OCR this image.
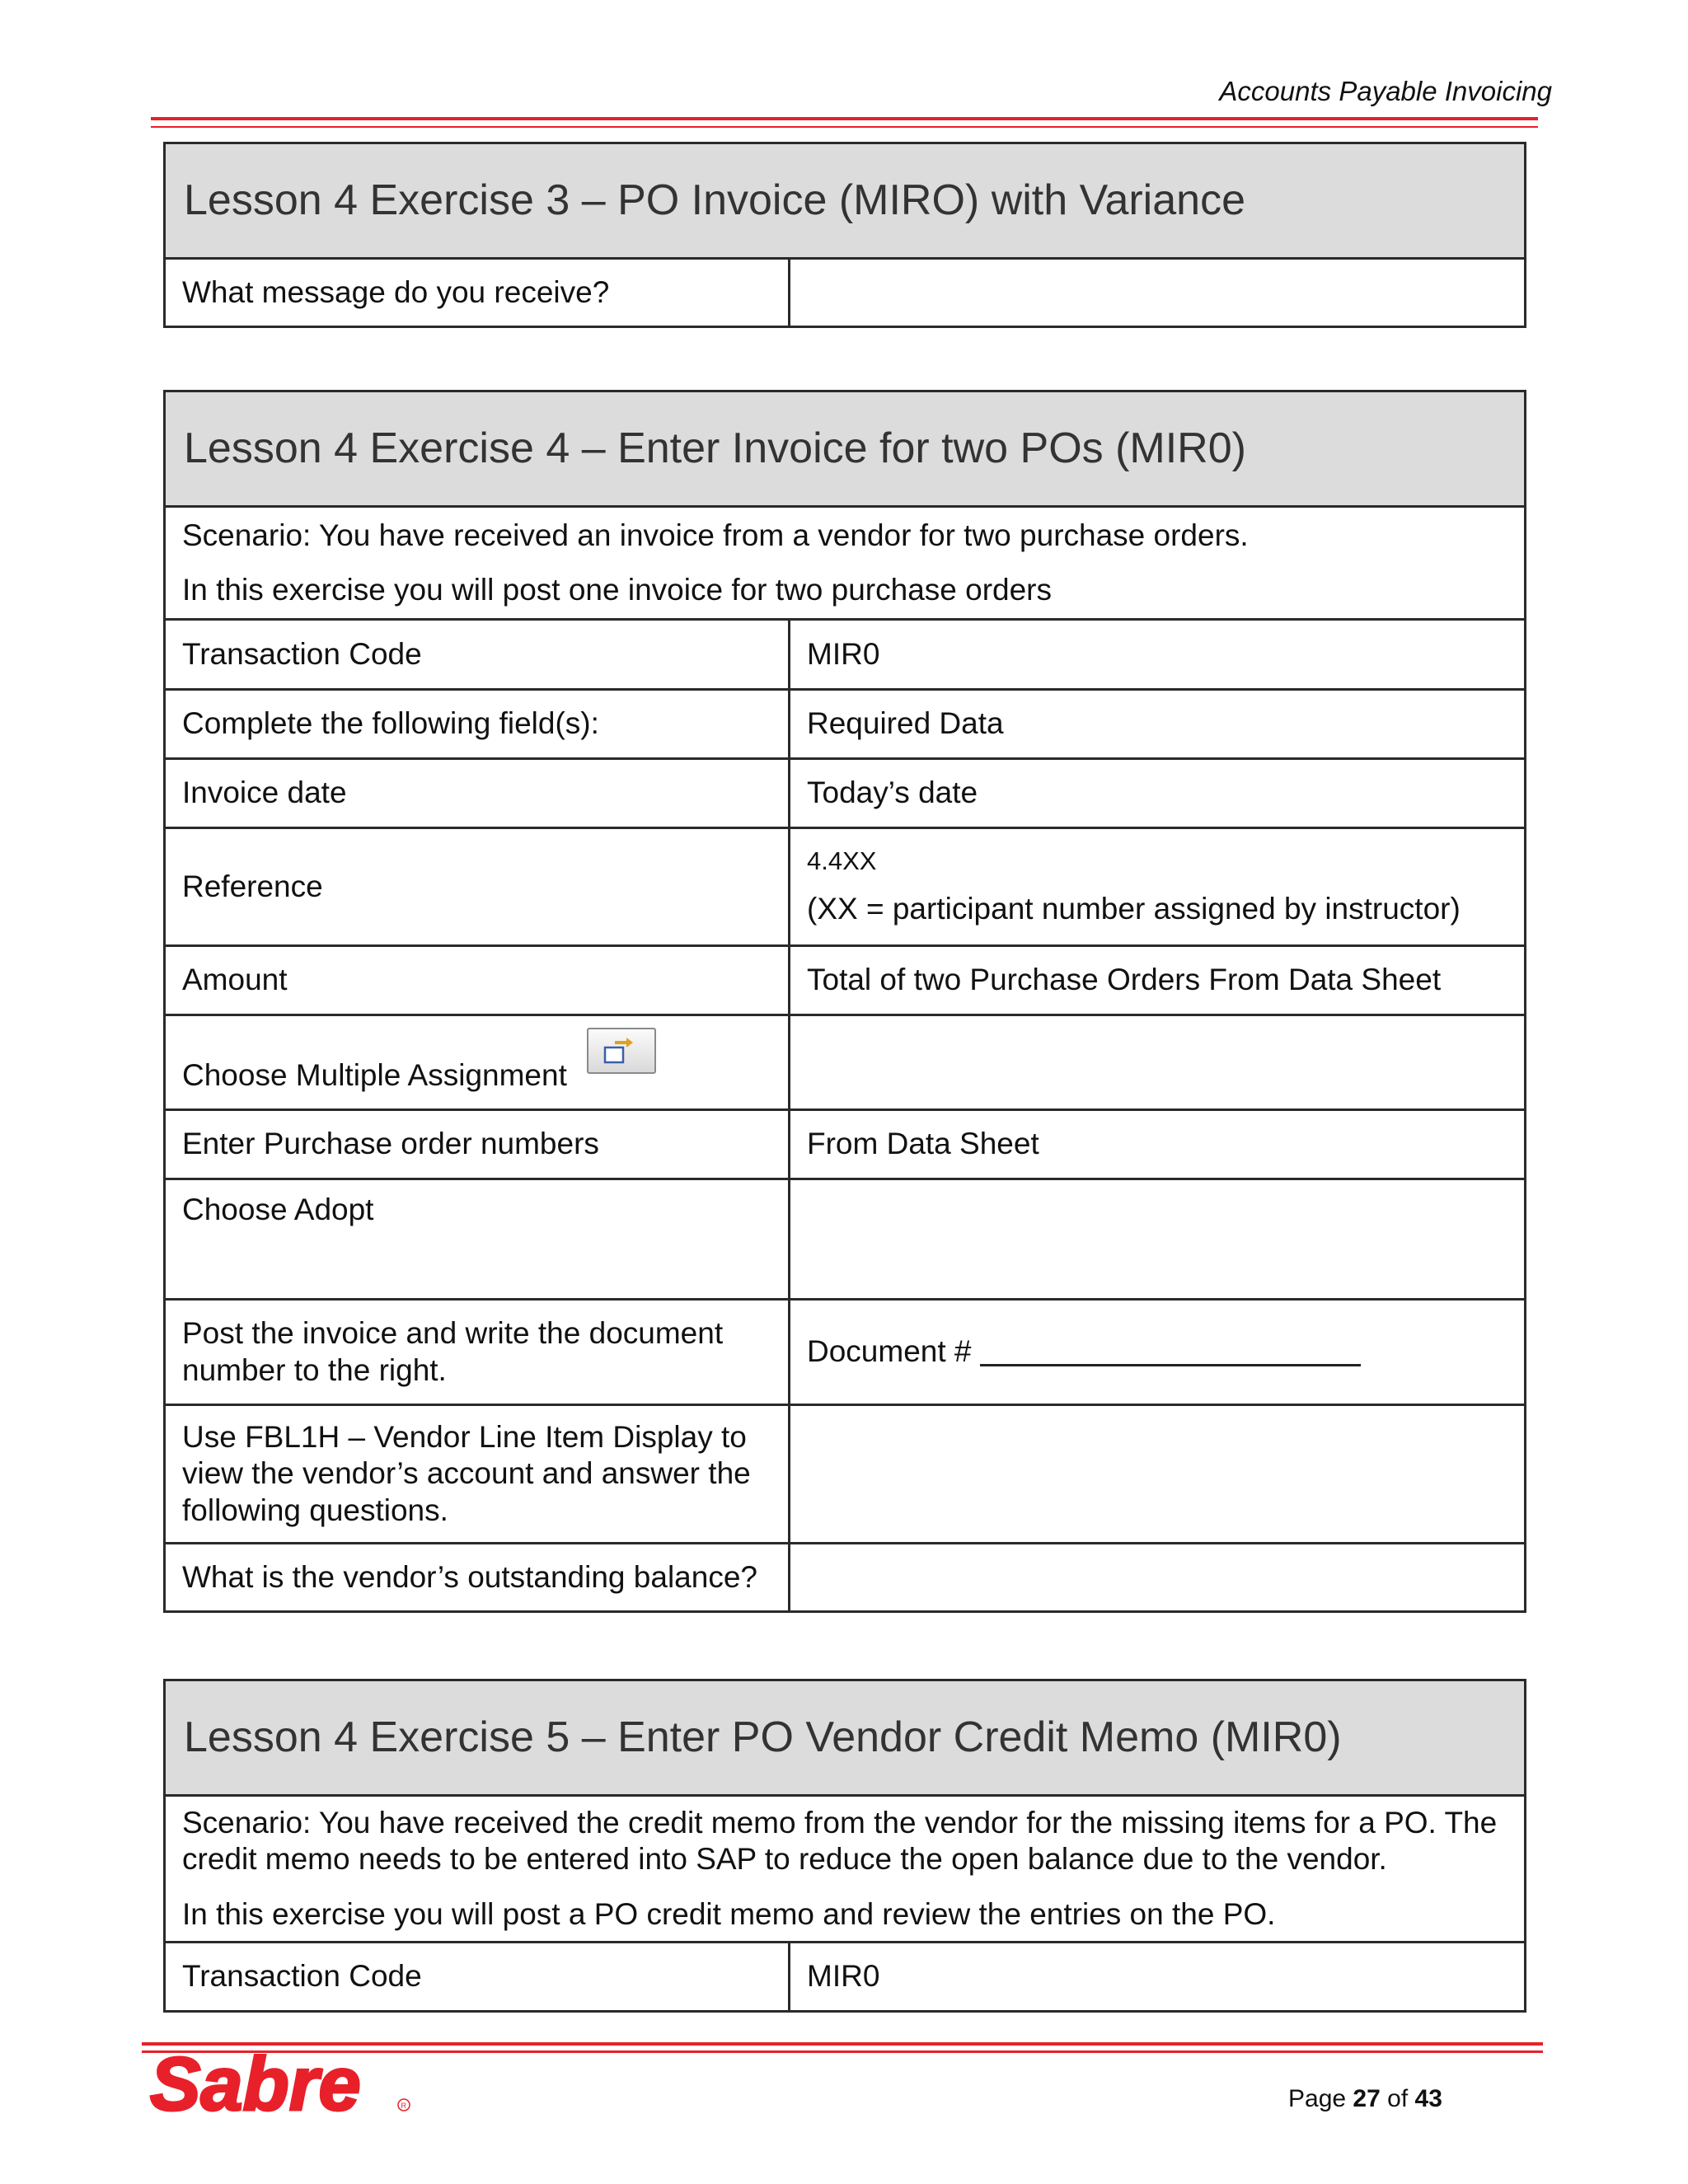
Accounts Payable Invoicing
Lesson 4 Exercise 3 – PO Invoice (MIRO) with Variance
What message do you receive?	
Lesson 4 Exercise 4 – Enter Invoice for two POs (MIR0)	

Scenario: You have received an invoice from a vendor for two purchase orders.

In this exercise you will post one invoice for two purchase orders	

Transaction Code	MIR0
Complete the following field(s):	Required Data
Invoice date	Today’s date
Reference	4.4XX
(XX = participant number assigned by instructor)
Amount	Total of two Purchase Orders From Data Sheet
Choose Multiple Assignment

Enter Purchase order numbers	From Data Sheet
Choose Adopt	
Post the invoice and write the document number to the right.	Document #
Use FBL1H – Vendor Line Item Display to view the vendor’s account and answer the following questions.	
What is the vendor’s outstanding balance?	
Lesson 4 Exercise 5 – Enter PO Vendor Credit Memo (MIR0)

Scenario: You have received the credit memo from the vendor for the missing items for a PO. The credit memo needs to be entered into SAP to reduce the open balance due to the vendor.

In this exercise you will post a PO credit memo and review the entries on the PO.

Transaction Code	MIR0
Sabre	R	Page 27 of 43
